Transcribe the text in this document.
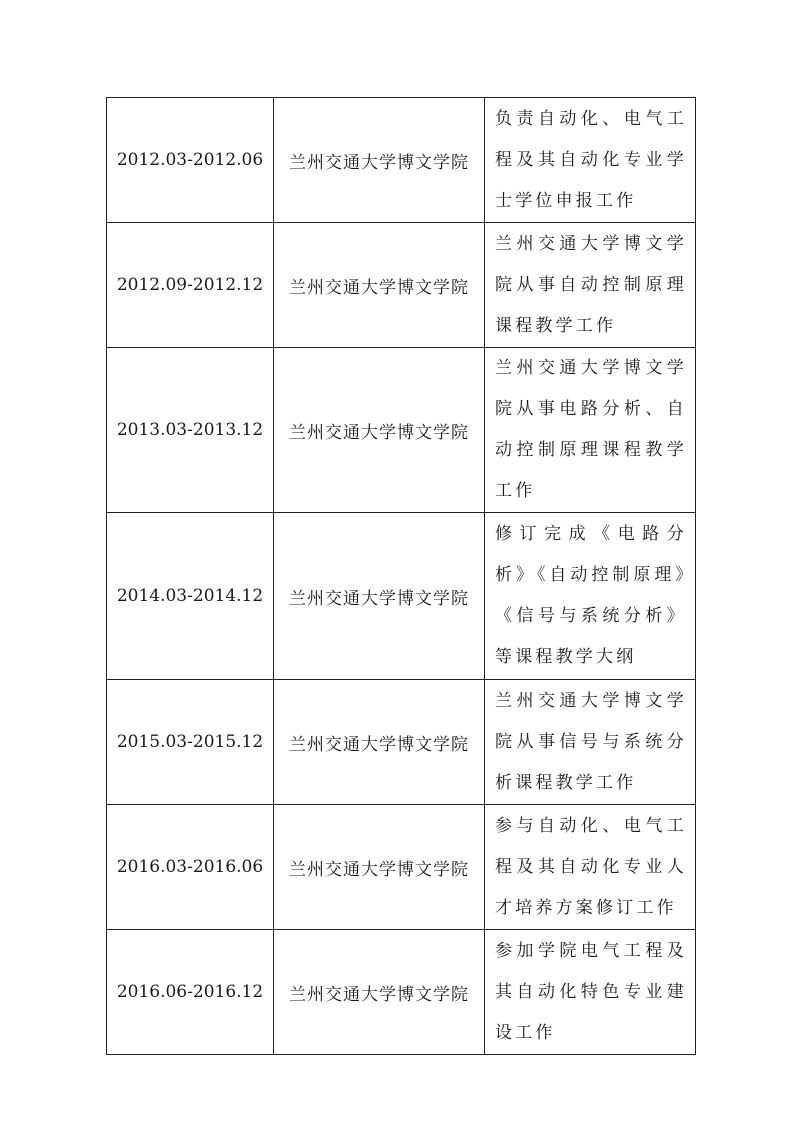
2012.03-2012.06	兰州交通大学博文学院	负责自动化、电气工程及其自动化专业学士学位申报工作
2012.09-2012.12	兰州交通大学博文学院	兰州交通大学博文学院从事自动控制原理课程教学工作
2013.03-2013.12	兰州交通大学博文学院	兰州交通大学博文学院从事电路分析、自动控制原理课程教学工作
2014.03-2014.12	兰州交通大学博文学院	修订完成《电路分析》《自动控制原理》《信号与系统分析》等课程教学大纲
2015.03-2015.12	兰州交通大学博文学院	兰州交通大学博文学院从事信号与系统分析课程教学工作
2016.03-2016.06	兰州交通大学博文学院	参与自动化、电气工程及其自动化专业人才培养方案修订工作
2016.06-2016.12	兰州交通大学博文学院	参加学院电气工程及其自动化特色专业建设工作
